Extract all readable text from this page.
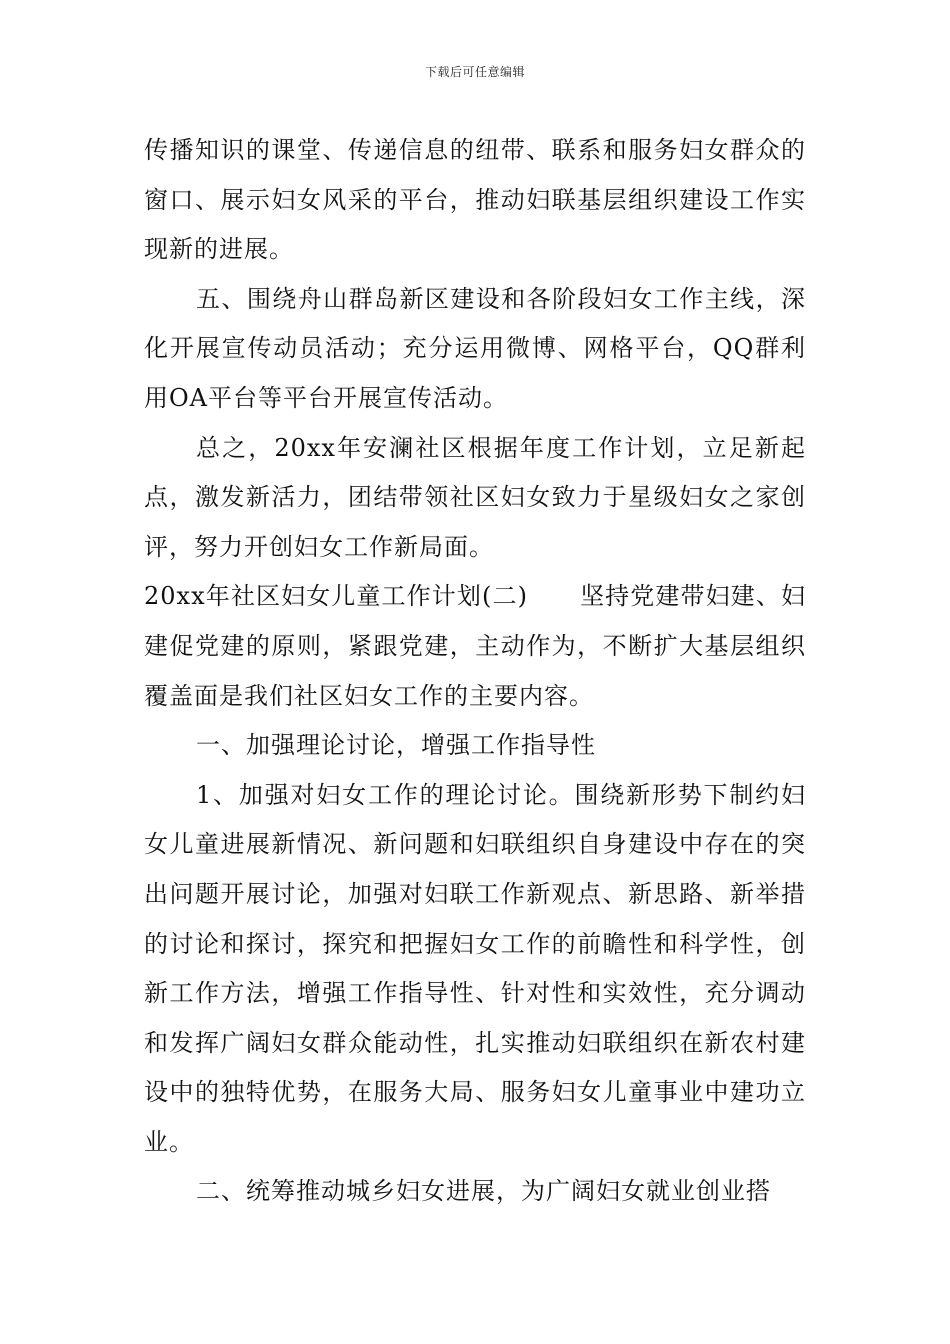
下载后可任意编辑

传播知识的课堂、传递信息的纽带、联系和服务妇女群众的窗口、展示妇女风采的平台，推动妇联基层组织建设工作实现新的进展。

五、围绕舟山群岛新区建设和各阶段妇女工作主线，深化开展宣传动员活动；充分运用微博、网格平台，QQ群利用OA平台等平台开展宣传活动。

总之，20xx年安澜社区根据年度工作计划，立足新起点，激发新活力，团结带领社区妇女致力于星级妇女之家创评，努力开创妇女工作新局面。

20xx年社区妇女儿童工作计划(二) 坚持党建带妇建、妇建促党建的原则，紧跟党建，主动作为，不断扩大基层组织覆盖面是我们社区妇女工作的主要内容。

一、加强理论讨论，增强工作指导性

1、加强对妇女工作的理论讨论。围绕新形势下制约妇女儿童进展新情况、新问题和妇联组织自身建设中存在的突出问题开展讨论，加强对妇联工作新观点、新思路、新举措的讨论和探讨，探究和把握妇女工作的前瞻性和科学性，创新工作方法，增强工作指导性、针对性和实效性，充分调动和发挥广阔妇女群众能动性，扎实推动妇联组织在新农村建设中的独特优势，在服务大局、服务妇女儿童事业中建功立业。

二、统筹推动城乡妇女进展，为广阔妇女就业创业搭
